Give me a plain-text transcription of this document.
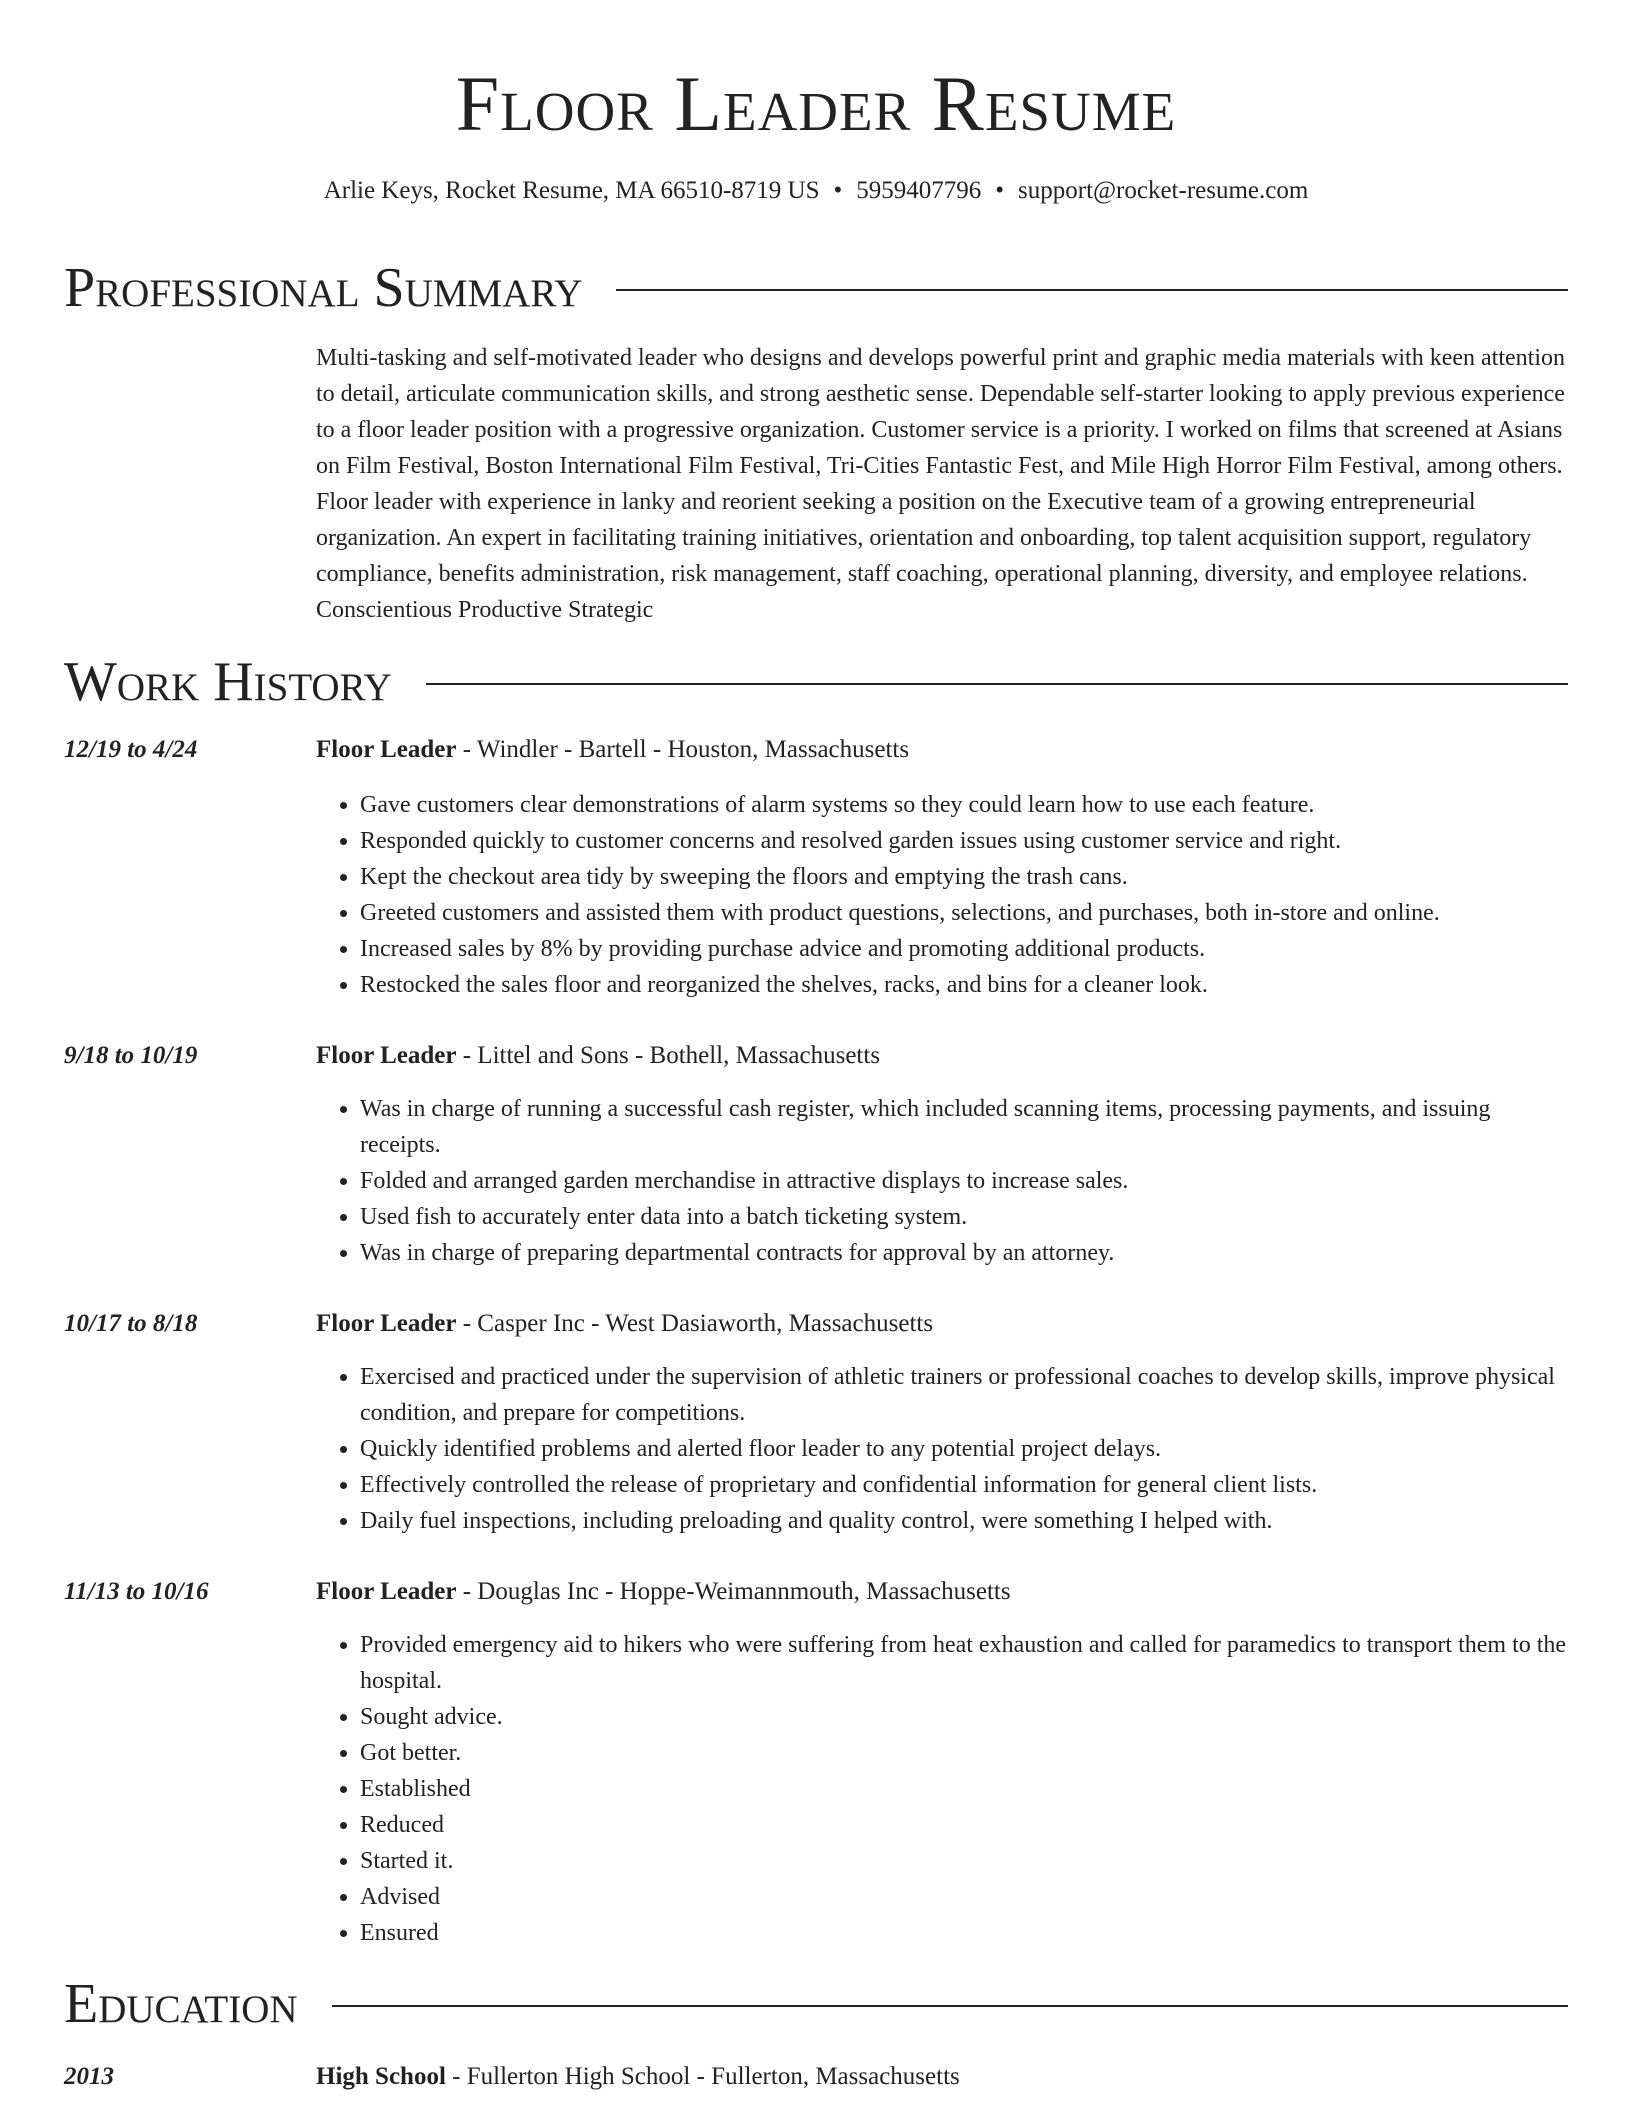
Floor Leader Resume
Arlie Keys, Rocket Resume, MA 66510-8719 US • 5959407796 • support@rocket-resume.com
Professional Summary
Multi-tasking and self-motivated leader who designs and develops powerful print and graphic media materials with keen attention to detail, articulate communication skills, and strong aesthetic sense. Dependable self-starter looking to apply previous experience to a floor leader position with a progressive organization. Customer service is a priority. I worked on films that screened at Asians on Film Festival, Boston International Film Festival, Tri-Cities Fantastic Fest, and Mile High Horror Film Festival, among others. Floor leader with experience in lanky and reorient seeking a position on the Executive team of a growing entrepreneurial organization. An expert in facilitating training initiatives, orientation and onboarding, top talent acquisition support, regulatory compliance, benefits administration, risk management, staff coaching, operational planning, diversity, and employee relations. Conscientious Productive Strategic
Work History
12/19 to 4/24	Floor Leader - Windler - Bartell - Houston, Massachusetts
• Gave customers clear demonstrations of alarm systems so they could learn how to use each feature.
• Responded quickly to customer concerns and resolved garden issues using customer service and right.
• Kept the checkout area tidy by sweeping the floors and emptying the trash cans.
• Greeted customers and assisted them with product questions, selections, and purchases, both in-store and online.
• Increased sales by 8% by providing purchase advice and promoting additional products.
• Restocked the sales floor and reorganized the shelves, racks, and bins for a cleaner look.
9/18 to 10/19	Floor Leader - Littel and Sons - Bothell, Massachusetts
• Was in charge of running a successful cash register, which included scanning items, processing payments, and issuing receipts.
• Folded and arranged garden merchandise in attractive displays to increase sales.
• Used fish to accurately enter data into a batch ticketing system.
• Was in charge of preparing departmental contracts for approval by an attorney.
10/17 to 8/18	Floor Leader - Casper Inc - West Dasiaworth, Massachusetts
• Exercised and practiced under the supervision of athletic trainers or professional coaches to develop skills, improve physical condition, and prepare for competitions.
• Quickly identified problems and alerted floor leader to any potential project delays.
• Effectively controlled the release of proprietary and confidential information for general client lists.
• Daily fuel inspections, including preloading and quality control, were something I helped with.
11/13 to 10/16	Floor Leader - Douglas Inc - Hoppe-Weimannmouth, Massachusetts
• Provided emergency aid to hikers who were suffering from heat exhaustion and called for paramedics to transport them to the hospital.
• Sought advice.
• Got better.
• Established
• Reduced
• Started it.
• Advised
• Ensured
Education
2013	High School - Fullerton High School - Fullerton, Massachusetts
